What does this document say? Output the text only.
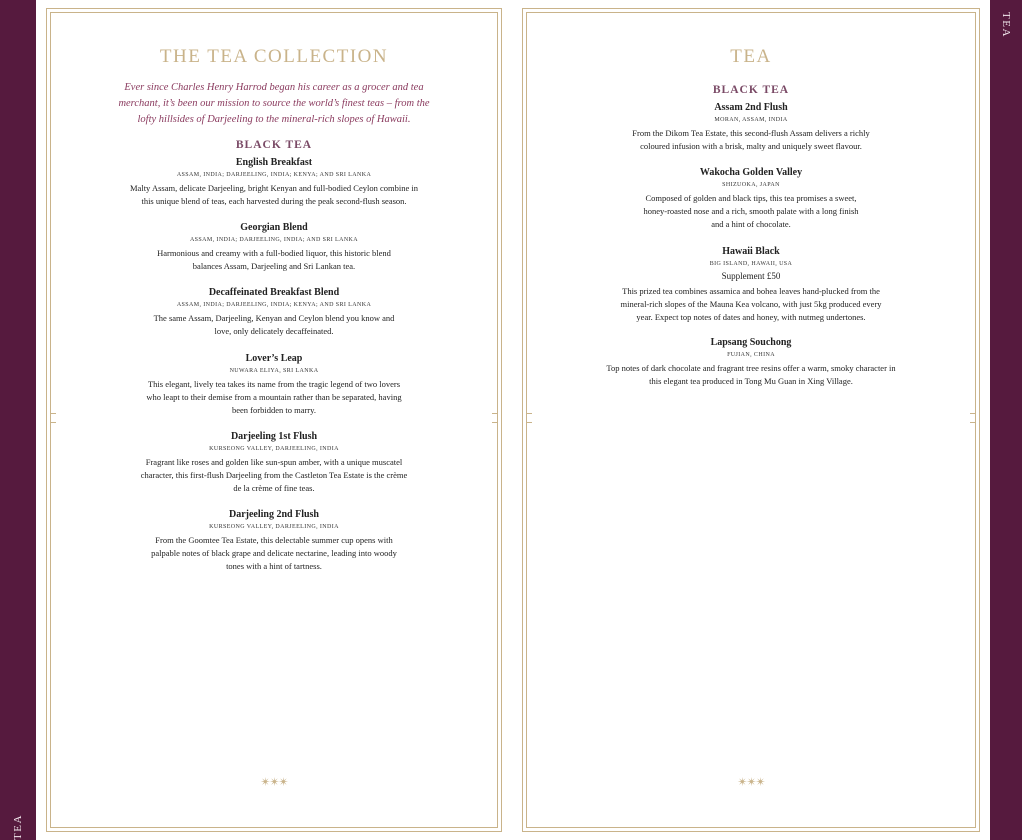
TEA
TEA
THE TEA COLLECTION

Ever since Charles Henry Harrod began his career as a grocer and tea merchant, it’s been our mission to source the world’s finest teas – from the lofty hillsides of Darjeeling to the mineral-rich slopes of Hawaii.

BLACK TEA
English Breakfast
ASSAM, INDIA; DARJEELING, INDIA; KENYA; AND SRI LANKA
Malty Assam, delicate Darjeeling, bright Kenyan and full-bodied Ceylon combine in this unique blend of teas, each harvested during the peak second-flush season.
Georgian Blend
ASSAM, INDIA; DARJEELING, INDIA; AND SRI LANKA
Harmonious and creamy with a full-bodied liquor, this historic blend balances Assam, Darjeeling and Sri Lankan tea.
Decaffeinated Breakfast Blend
ASSAM, INDIA; DARJEELING, INDIA; KENYA; AND SRI LANKA
The same Assam, Darjeeling, Kenyan and Ceylon blend you know and love, only delicately decaffeinated.
Lover’s Leap
NUWARA ELIYA, SRI LANKA
This elegant, lively tea takes its name from the tragic legend of two lovers who leapt to their demise from a mountain rather than be separated, having been forbidden to marry.
Darjeeling 1st Flush
KURSEONG VALLEY, DARJEELING, INDIA
Fragrant like roses and golden like sun-spun amber, with a unique muscatel character, this first-flush Darjeeling from the Castleton Tea Estate is the crème de la crème of fine teas.
Darjeeling 2nd Flush
KURSEONG VALLEY, DARJEELING, INDIA
From the Goomtee Tea Estate, this delectable summer cup opens with palpable notes of black grape and delicate nectarine, leading into woody tones with a hint of tartness.
✴✴✴
TEA
BLACK TEA
Assam 2nd Flush
MORAN, ASSAM, INDIA
From the Dikom Tea Estate, this second-flush Assam delivers a richly coloured infusion with a brisk, malty and uniquely sweet flavour.
Wakocha Golden Valley
SHIZUOKA, JAPAN
Composed of golden and black tips, this tea promises a sweet, honey-roasted nose and a rich, smooth palate with a long finish and a hint of chocolate.
Hawaii Black
BIG ISLAND, HAWAII, USA
Supplement £50
This prized tea combines assamica and bohea leaves hand-plucked from the mineral-rich slopes of the Mauna Kea volcano, with just 5kg produced every year. Expect top notes of dates and honey, with nutmeg undertones.
Lapsang Souchong
FUJIAN, CHINA
Top notes of dark chocolate and fragrant tree resins offer a warm, smoky character in this elegant tea produced in Tong Mu Guan in Xing Village.
✴✴✴
